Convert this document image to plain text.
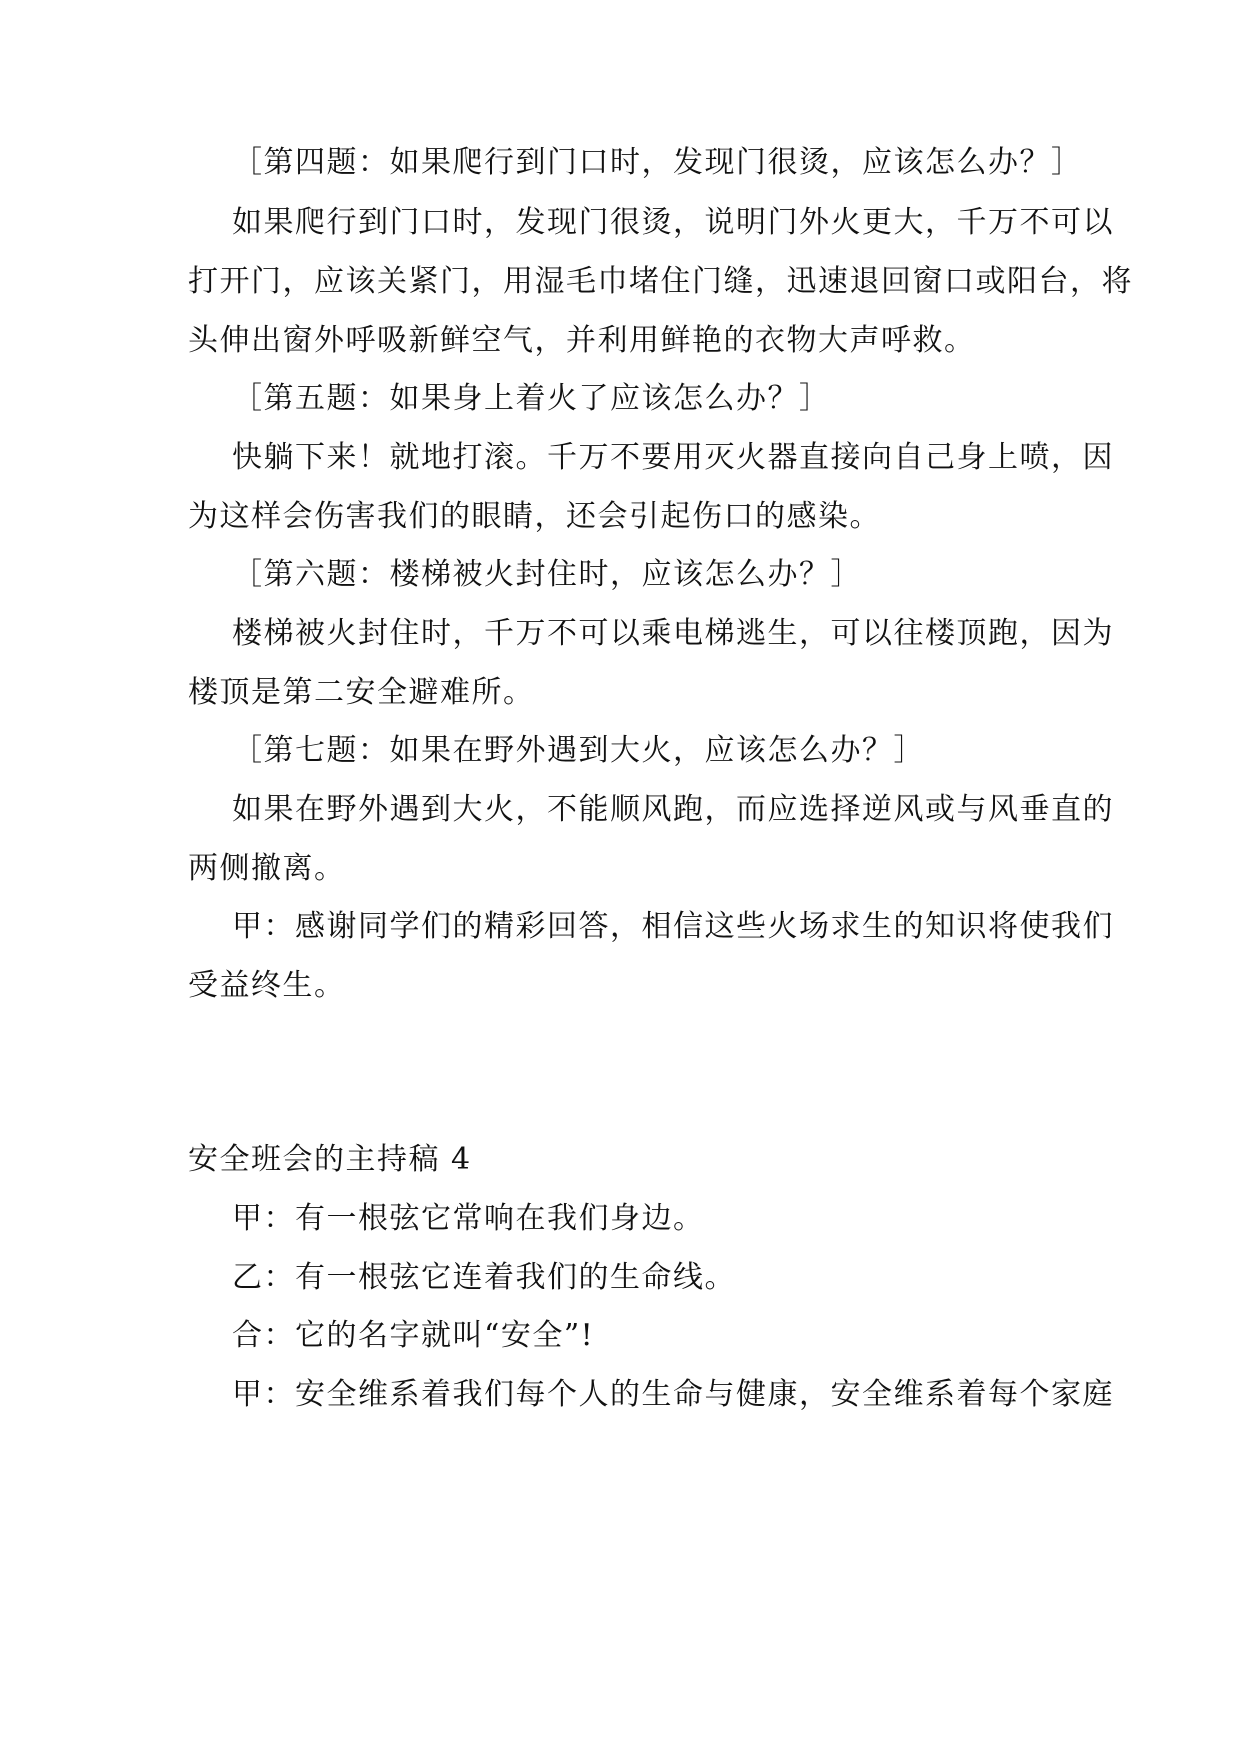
［第四题：如果爬行到门口时，发现门很烫，应该怎么办？］
如果爬行到门口时，发现门很烫，说明门外火更大，千万不可以
打开门，应该关紧门，用湿毛巾堵住门缝，迅速退回窗口或阳台，将
头伸出窗外呼吸新鲜空气，并利用鲜艳的衣物大声呼救。
［第五题：如果身上着火了应该怎么办？］
快躺下来！就地打滚。千万不要用灭火器直接向自己身上喷，因
为这样会伤害我们的眼睛，还会引起伤口的感染。
［第六题：楼梯被火封住时，应该怎么办？］
楼梯被火封住时，千万不可以乘电梯逃生，可以往楼顶跑，因为
楼顶是第二安全避难所。
［第七题：如果在野外遇到大火，应该怎么办？］
如果在野外遇到大火，不能顺风跑，而应选择逆风或与风垂直的
两侧撤离。
甲：感谢同学们的精彩回答，相信这些火场求生的知识将使我们
受益终生。
安全班会的主持稿 4
甲：有一根弦它常响在我们身边。
乙：有一根弦它连着我们的生命线。
合：它的名字就叫“安全”!
甲：安全维系着我们每个人的生命与健康，安全维系着每个家庭
